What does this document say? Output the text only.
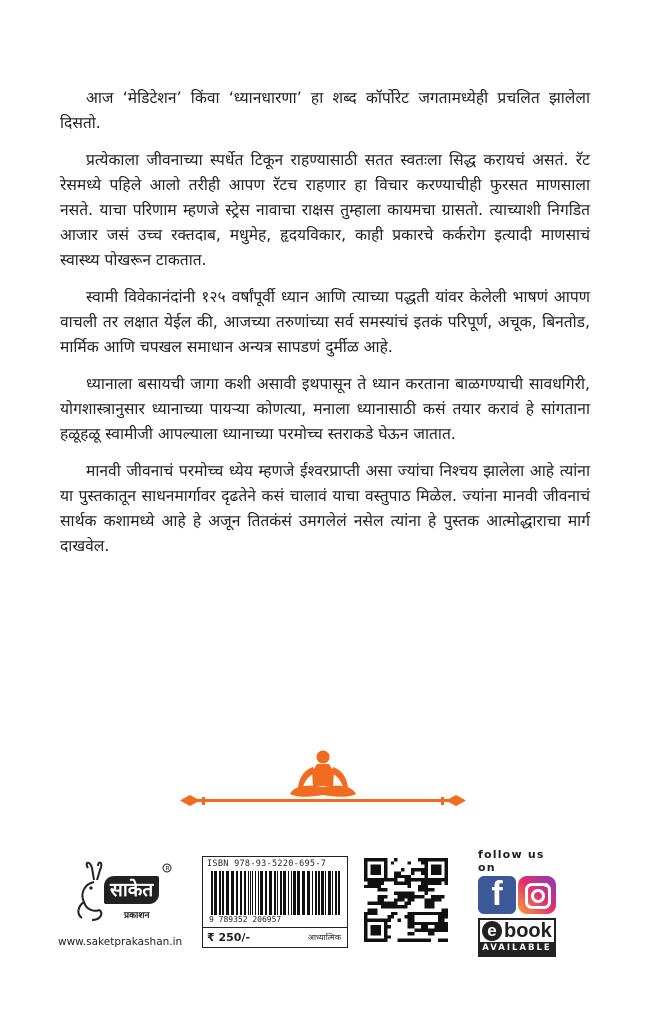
आज ‘मेडिटेशन’ किंवा ‘ध्यानधारणा’ हा शब्द कॉर्पोरेट जगतामध्येही प्रचलित झालेला दिसतो.

प्रत्येकाला जीवनाच्या स्पर्धेत टिकून राहण्यासाठी सतत स्वतःला सिद्ध करायचं असतं. रॅट रेसमध्ये पहिले आलो तरीही आपण रॅटच राहणार हा विचार करण्याचीही फुरसत माणसाला नसते. याचा परिणाम म्हणजे स्ट्रेस नावाचा राक्षस तुम्हाला कायमचा ग्रासतो. त्याच्याशी निगडित आजार जसं उच्च रक्तदाब, मधुमेह, हृदयविकार, काही प्रकारचे कर्करोग इत्यादी माणसाचं स्वास्थ्य पोखरून टाकतात.

स्वामी विवेकानंदांनी १२५ वर्षांपूर्वी ध्यान आणि त्याच्या पद्धती यांवर केलेली भाषणं आपण वाचली तर लक्षात येईल की, आजच्या तरुणांच्या सर्व समस्यांचं इतकं परिपूर्ण, अचूक, बिनतोड, मार्मिक आणि चपखल समाधान अन्यत्र सापडणं दुर्मीळ आहे.

ध्यानाला बसायची जागा कशी असावी इथपासून ते ध्यान करताना बाळगण्याची सावधगिरी, योगशास्त्रानुसार ध्यानाच्या पायऱ्या कोणत्या, मनाला ध्यानासाठी कसं तयार करावं हे सांगताना हळूहळू स्वामीजी आपल्याला ध्यानाच्या परमोच्च स्तराकडे घेऊन जातात.

मानवी जीवनाचं परमोच्च ध्येय म्हणजे ईश्वरप्राप्ती असा ज्यांचा निश्चय झालेला आहे त्यांना या पुस्तकातून साधनमार्गावर दृढतेने कसं चालावं याचा वस्तुपाठ मिळेल. ज्यांना मानवी जीवनाचं सार्थक कशामध्ये आहे हे अजून तितकंसं उमगलेलं नसेल त्यांना हे पुस्तक आत्मोद्धाराचा मार्ग दाखवेल.

R
साकेत
प्रकाशन
www.saketprakashan.in
ISBN 978-93-5220-695-7
9 789352 206957
₹ 250/-	आध्यात्मिक
follow us on
f
e book
AVAILABLE
